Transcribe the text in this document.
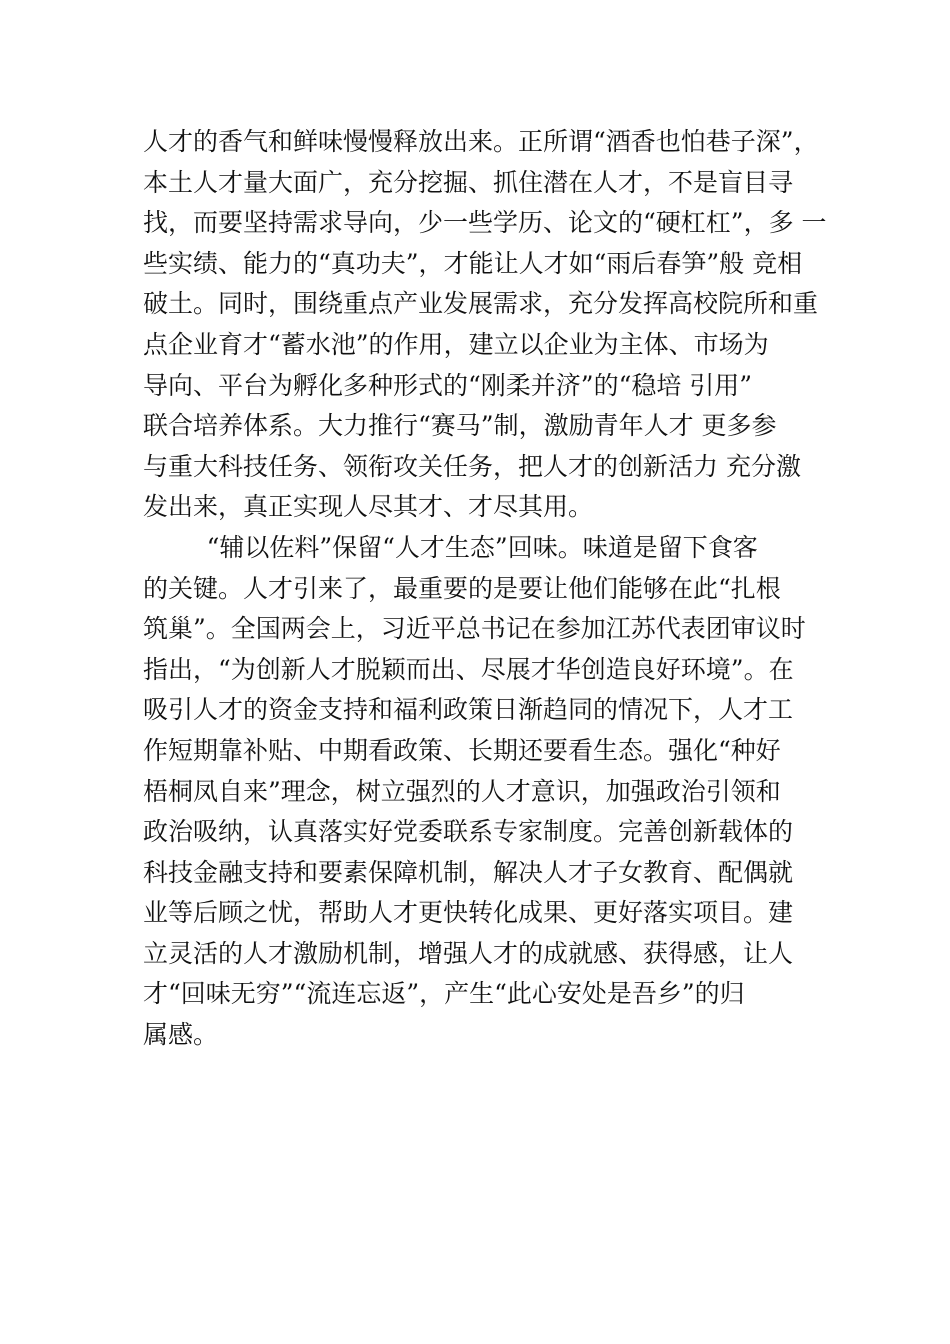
人才的香气和鲜味慢慢释放出来。正所谓“酒香也怕巷子深”，
本土人才量大面广，充分挖掘、抓住潜在人才，不是盲目寻
找，而要坚持需求导向，少一些学历、论文的“硬杠杠”，多 一
些实绩、能力的“真功夫”，才能让人才如“雨后春笋”般 竞相
破土。同时，围绕重点产业发展需求，充分发挥高校院所和重
点企业育才“蓄水池”的作用，建立以企业为主体、市场为
导向、平台为孵化多种形式的“刚柔并济”的“稳培 引用”
联合培养体系。大力推行“赛马”制，激励青年人才 更多参
与重大科技任务、领衔攻关任务，把人才的创新活力 充分激
发出来，真正实现人尽其才、才尽其用。
“辅以佐料”保留“人才生态”回味。味道是留下食客
的关键。人才引来了，最重要的是要让他们能够在此“扎根
筑巢”。全国两会上，习近平总书记在参加江苏代表团审议时
指出，“为创新人才脱颖而出、尽展才华创造良好环境”。在
吸引人才的资金支持和福利政策日渐趋同的情况下，人才工
作短期靠补贴、中期看政策、长期还要看生态。强化“种好
梧桐凤自来”理念，树立强烈的人才意识，加强政治引领和
政治吸纳，认真落实好党委联系专家制度。完善创新载体的
科技金融支持和要素保障机制，解决人才子女教育、配偶就
业等后顾之忧，帮助人才更快转化成果、更好落实项目。建
立灵活的人才激励机制，增强人才的成就感、获得感，让人
才“回味无穷”“流连忘返”，产生“此心安处是吾乡”的归
属感。
